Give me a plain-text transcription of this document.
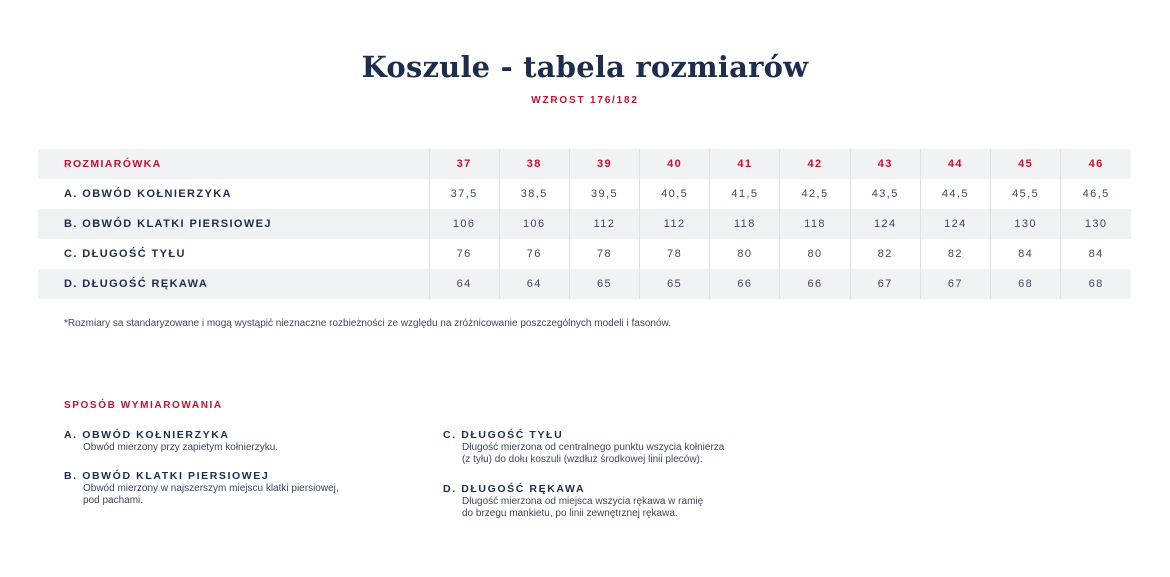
Koszule - tabela rozmiarów
WZROST 176/182
ROZMIARÓWKA	37	38	39	40	41	42	43	44	45	46
A. OBWÓD KOŁNIERZYKA	37,5	38,5	39,5	40,5	41,5	42,5	43,5	44,5	45,5	46,5
B. OBWÓD KLATKI PIERSIOWEJ	106	106	112	112	118	118	124	124	130	130
C. DŁUGOŚĆ TYŁU	76	76	78	78	80	80	82	82	84	84
D. DŁUGOŚĆ RĘKAWA	64	64	65	65	66	66	67	67	68	68

*Rozmiary sa standaryzowane i mogą wystąpić nieznaczne rozbieżności ze względu na zróżnicowanie poszczególnych modeli i fasonów.

SPOSÓB WYMIAROWANIA
A. OBWÓD KOŁNIERZYKA
Obwód mierzony przy zapietym kołnierzyku.
B. OBWÓD KLATKI PIERSIOWEJ
Obwód mierzony w najszerszym miejscu klatki piersiowej,
pod pachami.
C. DŁUGOŚĆ TYŁU
Długość mierzona od centralnego punktu wszycia kołnierza
(z tyłu) do dołu koszuli (wzdłuż środkowej linii pleców).
D. DŁUGOŚĆ RĘKAWA
Długość mierzona od miejsca wszycia rękawa w ramię
do brzegu mankietu, po linii zewnętrznej rękawa.
